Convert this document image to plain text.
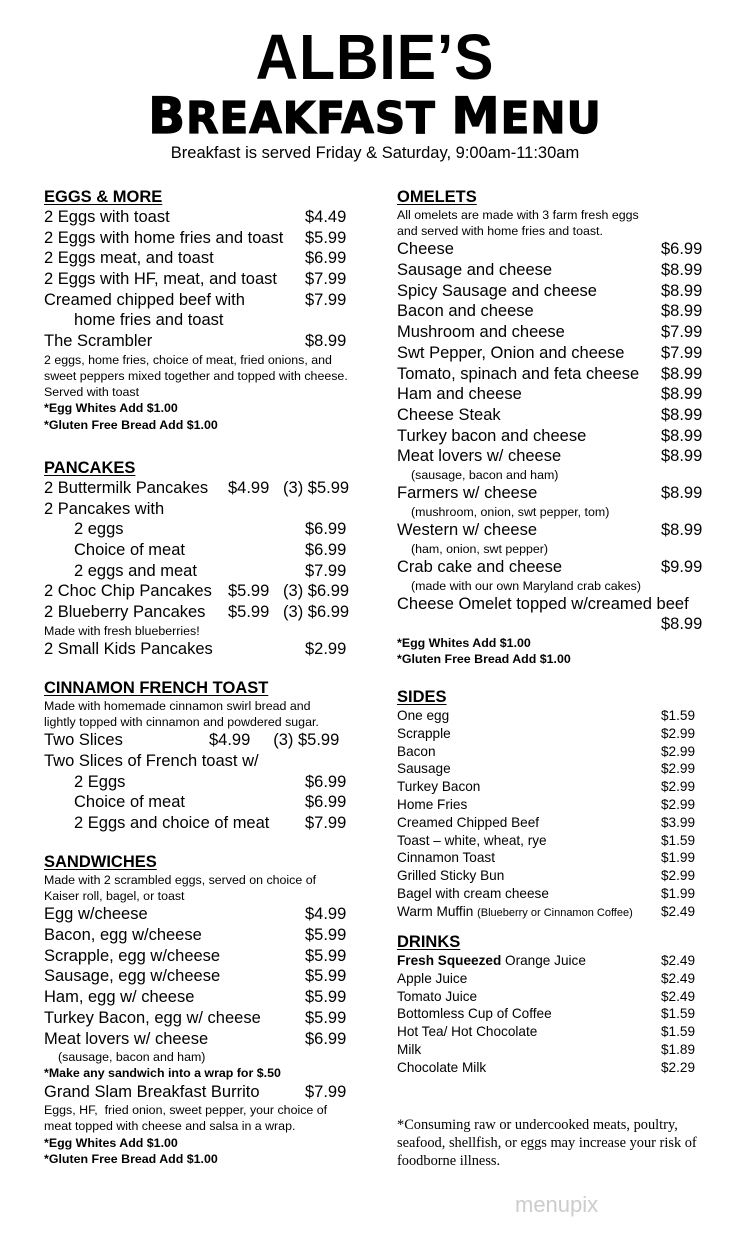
ALBIE’S
BREAKFAST MENU
Breakfast is served Friday & Saturday, 9:00am-11:30am
EGGS & MORE
2 Eggs with toast	$4.49
2 Eggs with home fries and toast $5.99
2 Eggs meat, and toast	$6.99
2 Eggs with HF, meat, and toast $7.99
Creamed chipped beef with	$7.99
home fries and toast
The Scrambler	$8.99
2 eggs, home fries, choice of meat, fried onions, and
sweet peppers mixed together and topped with cheese.
Served with toast
*Egg Whites Add $1.00
*Gluten Free Bread Add $1.00
PANCAKES
2 Buttermilk Pancakes $4.99   (3) $5.99
2 Pancakes with
2 eggs	$6.99
Choice of meat	$6.99
2 eggs and meat	$7.99
2 Choc Chip Pancakes $5.99   (3) $6.99
2 Blueberry Pancakes $5.99   (3) $6.99
Made with fresh blueberries!
2 Small Kids Pancakes	$2.99
CINNAMON FRENCH TOAST
Made with homemade cinnamon swirl bread and
lightly topped with cinnamon and powdered sugar.
Two Slices	$4.99     (3) $5.99
Two Slices of French toast w/
2 Eggs	$6.99
Choice of meat	$6.99
2 Eggs and choice of meat $7.99
SANDWICHES
Made with 2 scrambled eggs, served on choice of
Kaiser roll, bagel, or toast
Egg w/cheese	$4.99
Bacon, egg w/cheese	$5.99
Scrapple, egg w/cheese	$5.99
Sausage, egg w/cheese	$5.99
Ham, egg w/ cheese	$5.99
Turkey Bacon, egg w/ cheese	$5.99
Meat lovers w/ cheese	$6.99
(sausage, bacon and ham)
*Make any sandwich into a wrap for $.50
Grand Slam Breakfast Burrito	$7.99
Eggs, HF,  fried onion, sweet pepper, your choice of
meat topped with cheese and salsa in a wrap.
*Egg Whites Add $1.00
*Gluten Free Bread Add $1.00
OMELETS
All omelets are made with 3 farm fresh eggs
and served with home fries and toast.
Cheese	$6.99
Sausage and cheese	$8.99
Spicy Sausage and cheese	$8.99
Bacon and cheese	$8.99
Mushroom and cheese	$7.99
Swt Pepper, Onion and cheese $7.99
Tomato, spinach and feta cheese $8.99
Ham and cheese	$8.99
Cheese Steak	$8.99
Turkey bacon and cheese	$8.99
Meat lovers w/ cheese	$8.99
(sausage, bacon and ham)
Farmers w/ cheese	$8.99
(mushroom, onion, swt pepper, tom)
Western w/ cheese	$8.99
(ham, onion, swt pepper)
Crab cake and cheese	$9.99
(made with our own Maryland crab cakes)
Cheese Omelet topped w/creamed beef
$8.99
*Egg Whites Add $1.00
*Gluten Free Bread Add $1.00
SIDES
One egg	$1.59
Scrapple	$2.99
Bacon	$2.99
Sausage	$2.99
Turkey Bacon	$2.99
Home Fries	$2.99
Creamed Chipped Beef	$3.99
Toast – white, wheat, rye	$1.59
Cinnamon Toast	$1.99
Grilled Sticky Bun	$2.99
Bagel with cream cheese	$1.99
Warm Muffin (Blueberry or Cinnamon Coffee) $2.49
DRINKS
Fresh Squeezed Orange Juice	$2.49
Apple Juice	$2.49
Tomato Juice	$2.49
Bottomless Cup of Coffee	$1.59
Hot Tea/ Hot Chocolate	$1.59
Milk	$1.89
Chocolate Milk	$2.29
*Consuming raw or undercooked meats, poultry, seafood, shellfish, or eggs may increase your risk of foodborne illness.
menupix
